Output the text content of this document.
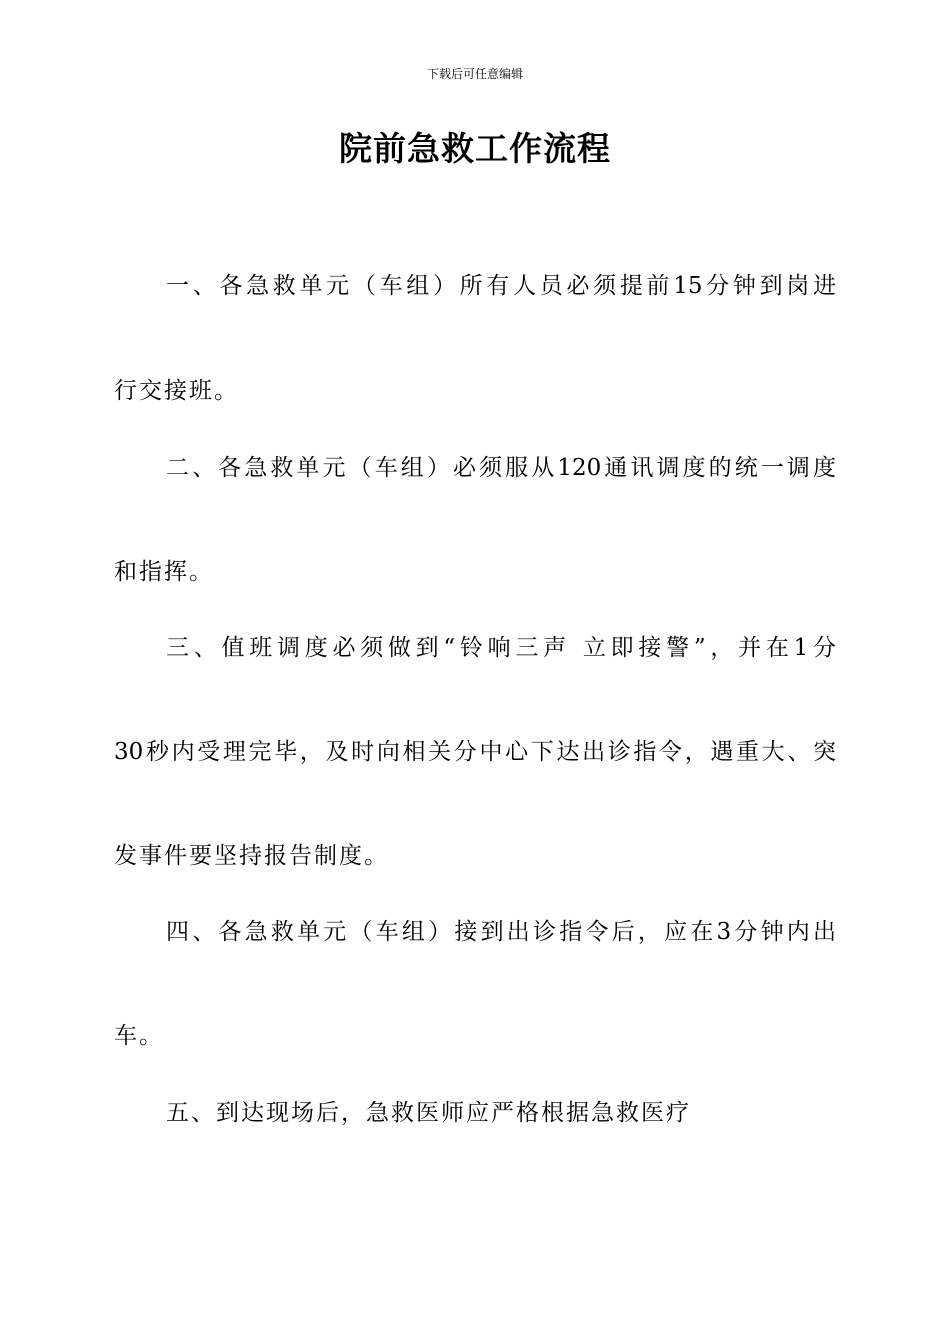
下载后可任意编辑
院前急救工作流程

一、各急救单元（车组）所有人员必须提前15分钟到岗进

行交接班。

二、各急救单元（车组）必须服从120通讯调度的统一调度

和指挥。

三、值班调度必须做到“铃响三声 立即接警”，并在1分

30秒内受理完毕，及时向相关分中心下达出诊指令，遇重大、突

发事件要坚持报告制度。

四、各急救单元（车组）接到出诊指令后，应在3分钟内出

车。

五、到达现场后，急救医师应严格根据急救医疗
